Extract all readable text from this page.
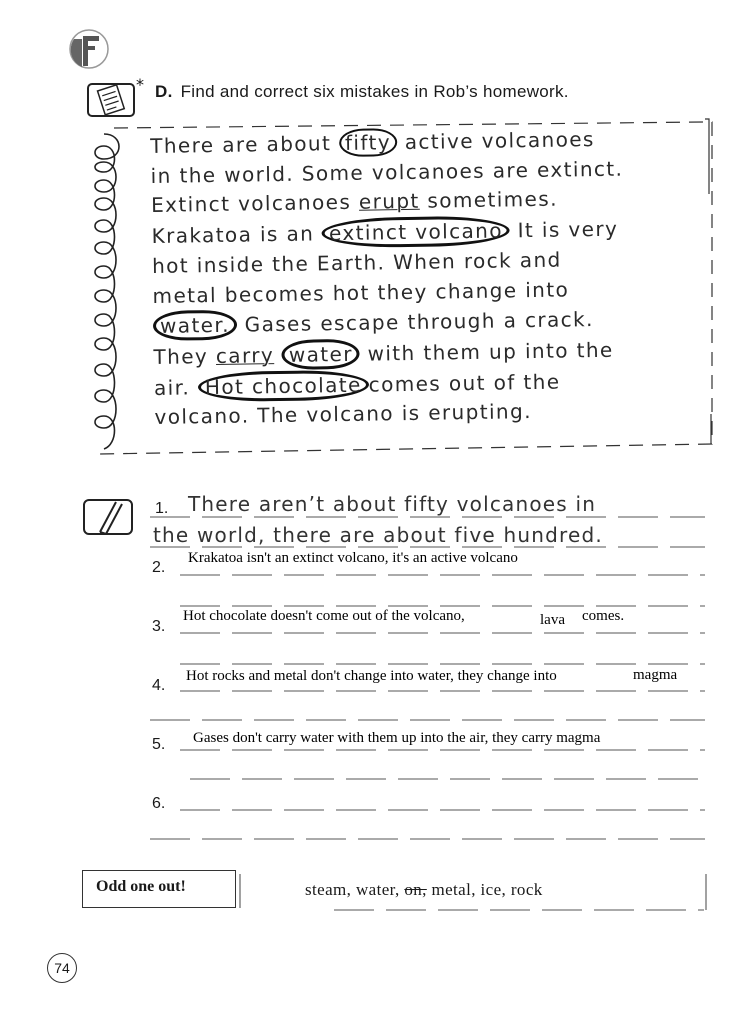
* D. Find and correct six mistakes in Rob’s homework.
There are about fifty active volcanoes
in the world. Some volcanoes are extinct.
Extinct volcanoes erupt sometimes.
Krakatoa is an extinct volcano It is very
hot inside the Earth. When rock and
metal becomes hot they change into
water. Gases escape through a crack.
They carry water with them up into the
air. Hot chocolate comes out of the
volcano. The volcano is erupting.
1. There aren’t about fifty volcanoes in
the world, there are about five hundred.
2.
Krakatoa isn't an extinct volcano, it's an active volcano
3.
Hot chocolate doesn't come out of the volcano,	lava comes.
4.
Hot rocks and metal don't change into water, they change into	magma
5. Gases don't carry water with them up into the air, they carry magma
6.
Odd one out!	steam, water, on, metal, ice, rock
74
